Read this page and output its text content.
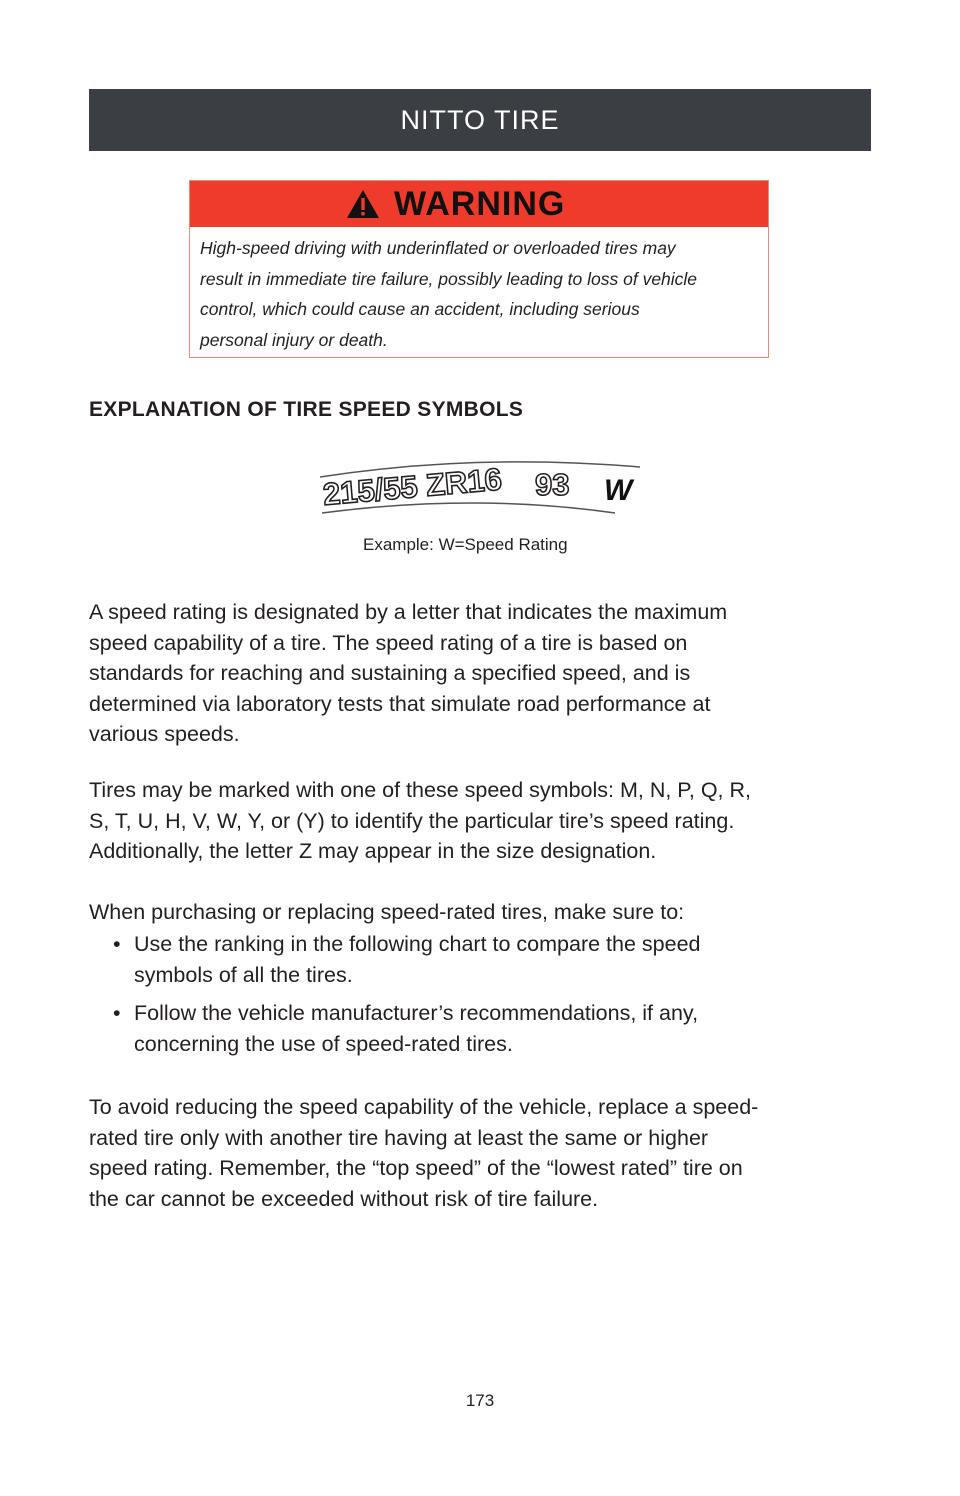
NITTO TIRE
WARNING
High-speed driving with underinflated or overloaded tires may
result in immediate tire failure, possibly leading to loss of vehicle
control, which could cause an accident, including serious
personal injury or death.
EXPLANATION OF TIRE SPEED SYMBOLS
215/55 ZR16 93 W
Example: W=Speed Rating
A speed rating is designated by a letter that indicates the maximum
speed capability of a tire. The speed rating of a tire is based on
standards for reaching and sustaining a specified speed, and is
determined via laboratory tests that simulate road performance at
various speeds.
Tires may be marked with one of these speed symbols: M, N, P, Q, R,
S, T, U, H, V, W, Y, or (Y) to identify the particular tire’s speed rating.
Additionally, the letter Z may appear in the size designation.
When purchasing or replacing speed-rated tires, make sure to:
• Use the ranking in the following chart to compare the speed
symbols of all the tires.
• Follow the vehicle manufacturer’s recommendations, if any,
concerning the use of speed-rated tires.
To avoid reducing the speed capability of the vehicle, replace a speed-
rated tire only with another tire having at least the same or higher
speed rating. Remember, the “top speed” of the “lowest rated” tire on
the car cannot be exceeded without risk of tire failure.
173
